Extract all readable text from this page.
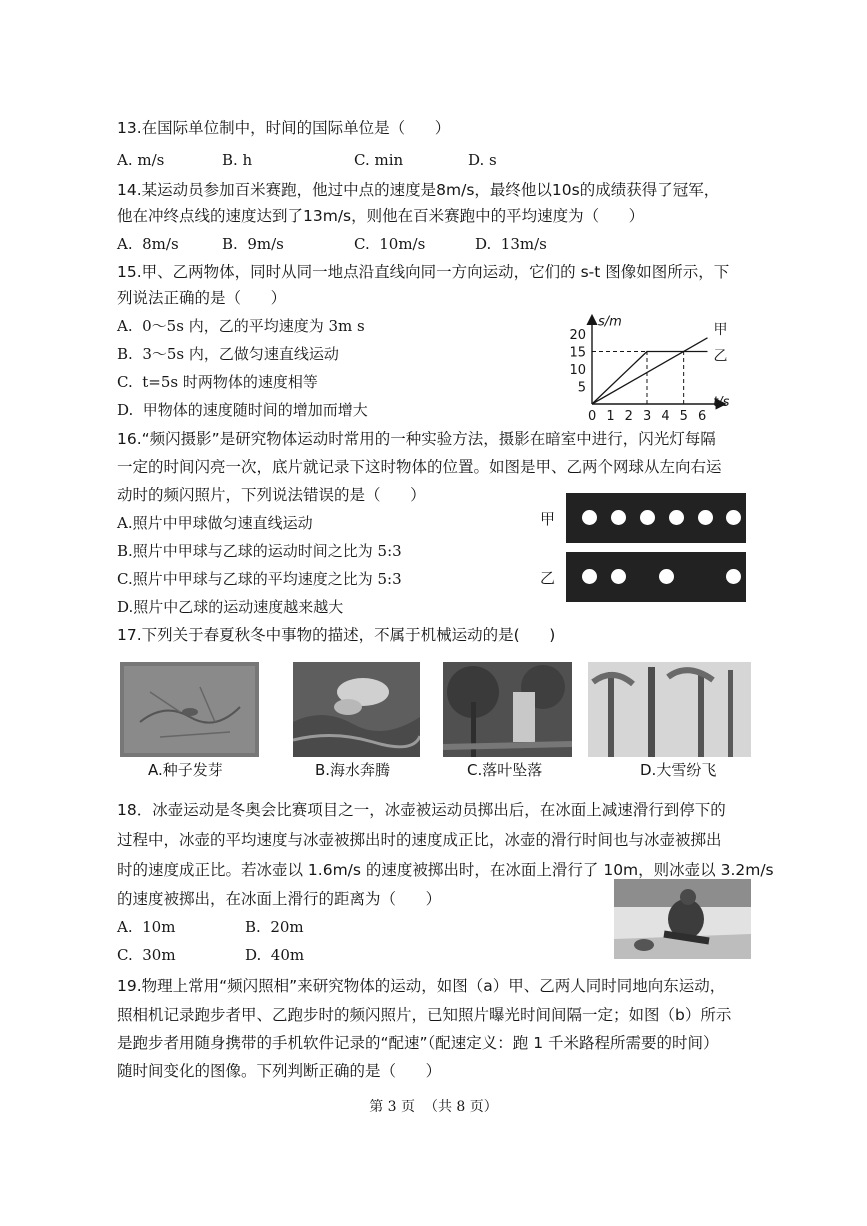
13.在国际单位制中，时间的国际单位是（      ）
A. m/s	B. h	C. min	D. s
14.某运动员参加百米赛跑，他过中点的速度是8m/s，最终他以10s的成绩获得了冠军，
他在冲终点线的速度达到了13m/s，则他在百米赛跑中的平均速度为（      ）
A.  8m/s	B.  9m/s	C.  10m/s	D.  13m/s
15.甲、乙两物体，同时从同一地点沿直线向同一方向运动，它们的 s-t 图像如图所示，下
列说法正确的是（      ）
A.  0～5s 内，乙的平均速度为 3m s
B.  3～5s 内，乙做匀速直线运动
C.  t=5s 时两物体的速度相等
D.  甲物体的速度随时间的增加而增大
s/m
t/s
甲
乙
0 1 2 3 4 5 6
5
10
15
20
16.“频闪摄影”是研究物体运动时常用的一种实验方法，摄影在暗室中进行，闪光灯每隔
一定的时间闪亮一次，底片就记录下这时物体的位置。如图是甲、乙两个网球从左向右运
动时的频闪照片，下列说法错误的是（      ）
A.照片中甲球做匀速直线运动
B.照片中甲球与乙球的运动时间之比为 5:3
C.照片中甲球与乙球的平均速度之比为 5:3
D.照片中乙球的运动速度越来越大
甲
乙
17.下列关于春夏秋冬中事物的描述，不属于机械运动的是(      )
A.种子发芽	B.海水奔腾	C.落叶坠落	D.大雪纷飞
18．冰壶运动是冬奥会比赛项目之一，冰壶被运动员掷出后，在冰面上减速滑行到停下的
过程中，冰壶的平均速度与冰壶被掷出时的速度成正比，冰壶的滑行时间也与冰壶被掷出
时的速度成正比。若冰壶以 1.6m/s 的速度被掷出时，在冰面上滑行了 10m，则冰壶以 3.2m/s
的速度被掷出，在冰面上滑行的距离为（      ）
A.  10m	B.  20m
C.  30m	D.  40m
19.物理上常用“频闪照相”来研究物体的运动，如图（a）甲、乙两人同时同地向东运动，
照相机记录跑步者甲、乙跑步时的频闪照片，已知照片曝光时间间隔一定；如图（b）所示
是跑步者用随身携带的手机软件记录的“配速”（配速定义：跑 1 千米路程所需要的时间）
随时间变化的图像。下列判断正确的是（      ）
第 3 页  （共 8 页）
